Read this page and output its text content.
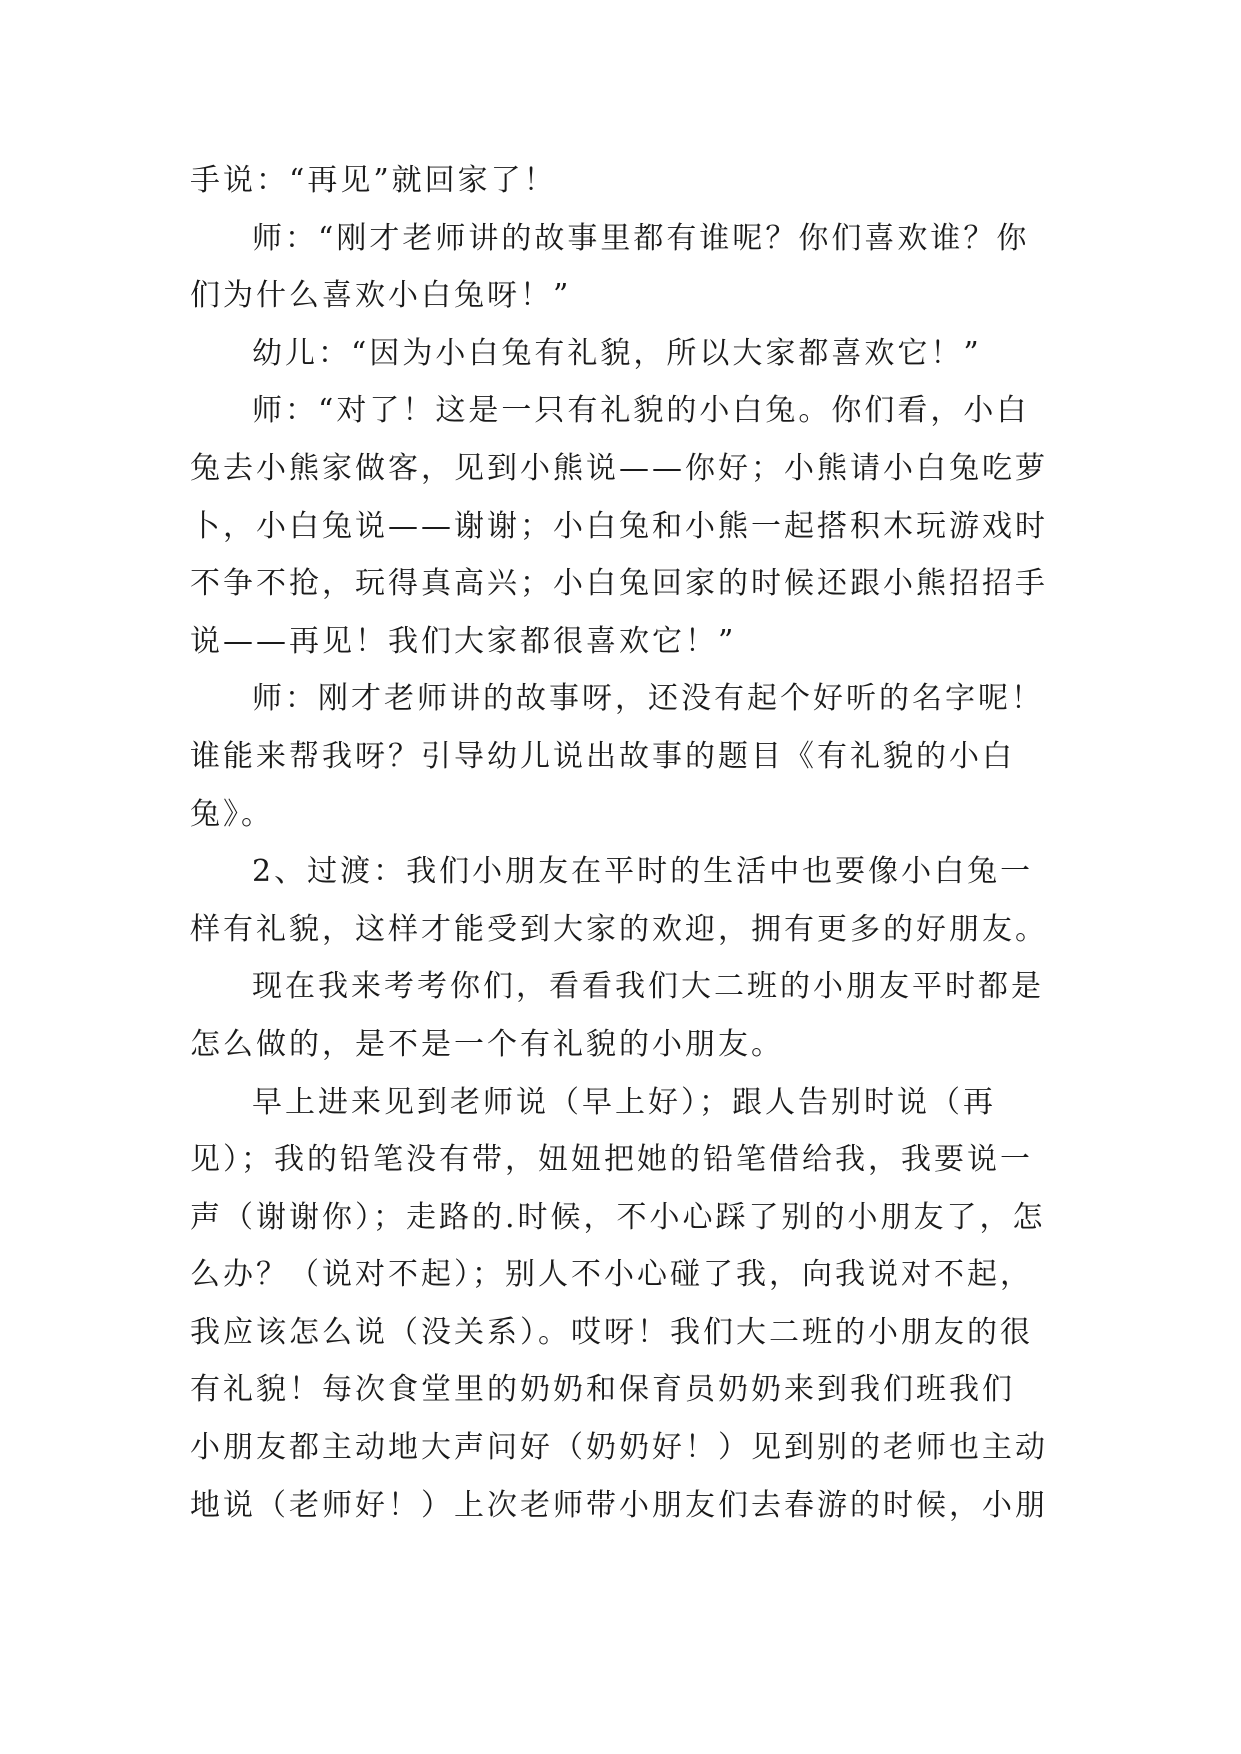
手说：“再见”就回家了！
师：“刚才老师讲的故事里都有谁呢？你们喜欢谁？你
们为什么喜欢小白兔呀！”
幼儿：“因为小白兔有礼貌，所以大家都喜欢它！”
师：“对了！这是一只有礼貌的小白兔。你们看，小白
兔去小熊家做客，见到小熊说——你好；小熊请小白兔吃萝
卜，小白兔说——谢谢；小白兔和小熊一起搭积木玩游戏时
不争不抢，玩得真高兴；小白兔回家的时候还跟小熊招招手
说——再见！我们大家都很喜欢它！”
师：刚才老师讲的故事呀，还没有起个好听的名字呢！
谁能来帮我呀？引导幼儿说出故事的题目《有礼貌的小白
兔》。
2、过渡：我们小朋友在平时的生活中也要像小白兔一
样有礼貌，这样才能受到大家的欢迎，拥有更多的好朋友。
现在我来考考你们，看看我们大二班的小朋友平时都是
怎么做的，是不是一个有礼貌的小朋友。
早上进来见到老师说（早上好）；跟人告别时说（再
见）；我的铅笔没有带，妞妞把她的铅笔借给我，我要说一
声（谢谢你）；走路的.时候，不小心踩了别的小朋友了，怎
么办？（说对不起）；别人不小心碰了我，向我说对不起，
我应该怎么说（没关系）。哎呀！我们大二班的小朋友的很
有礼貌！每次食堂里的奶奶和保育员奶奶来到我们班我们
小朋友都主动地大声问好（奶奶好！）见到别的老师也主动
地说（老师好！）上次老师带小朋友们去春游的时候，小朋
